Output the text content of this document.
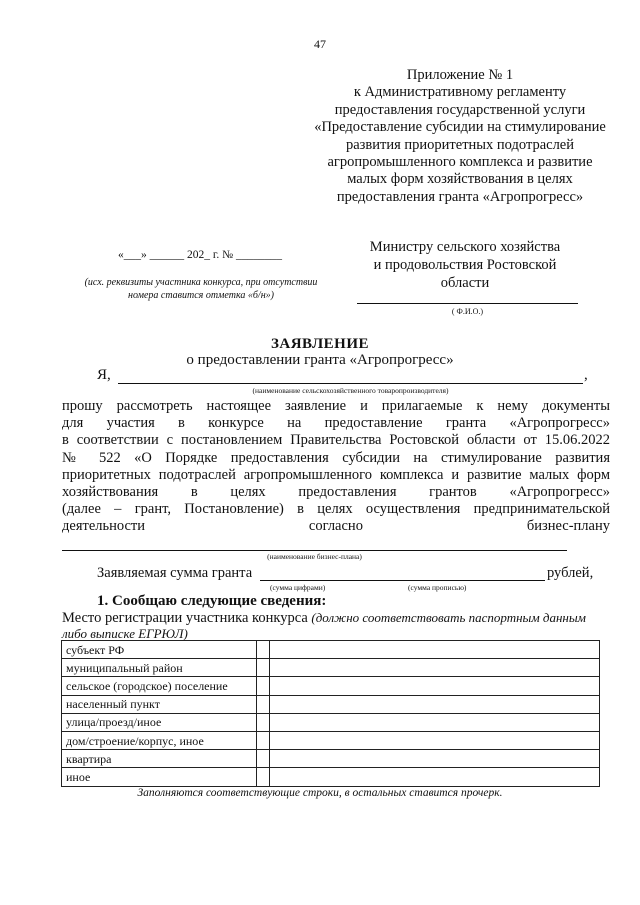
47
Приложение № 1
к Административному регламенту
предоставления государственной услуги
«Предоставление субсидии на стимулирование
развития приоритетных подотраслей
агропромышленного комплекса и развитие
малых форм хозяйствования в целях
предоставления гранта «Агропрогресс»
«___» ______ 202_ г. № ________
(исх. реквизиты участника конкурса, при отсутствии
номера ставится отметка «б/н»)
Министру сельского хозяйства
и продовольствия Ростовской
области
( Ф.И.О.)
ЗАЯВЛЕНИЕ
о предоставлении гранта «Агропрогресс»
Я,	,
(наименование сельскохозяйственного товаропроизводителя)
прошу рассмотреть настоящее заявление и прилагаемые к нему документы
для участия в конкурсе на предоставление гранта «Агропрогресс»
в соответствии с постановлением Правительства Ростовской области от 15.06.2022
№ 522 «О Порядке предоставления субсидии на стимулирование развития
приоритетных подотраслей агропромышленного комплекса и развитие малых форм
хозяйствования в целях предоставления грантов «Агропрогресс»
(далее – грант, Постановление) в целях осуществления предпринимательской
деятельности согласно бизнес-плану
(наименование бизнес-плана)
Заявляемая сумма гранта	рублей,
(сумма цифрами)	(сумма прописью)
1. Сообщаю следующие сведения:
Место регистрации участника конкурса (должно соответствовать паспортным данным либо выписке ЕГРЮЛ)
субъект РФ		
муниципальный район		
сельское (городское) поселение		
населенный пункт		
улица/проезд/иное		
дом/строение/корпус, иное		
квартира		
иное		
Заполняются соответствующие строки, в остальных ставится прочерк.
